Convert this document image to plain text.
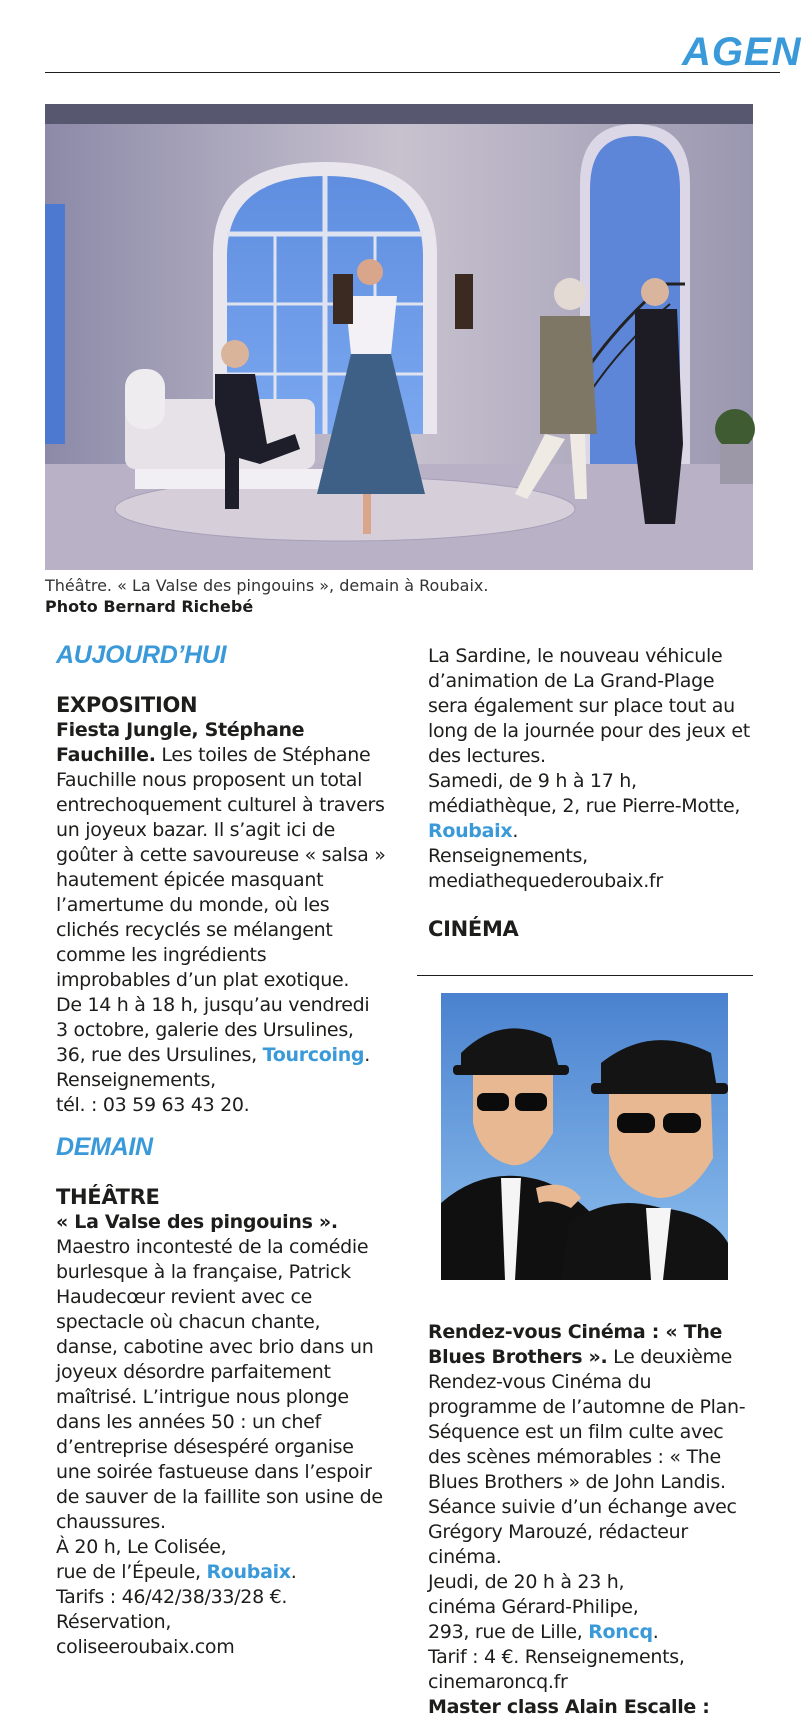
AGEN
Théâtre. « La Valse des pingouins », demain à Roubaix.
Photo Bernard Richebé
AUJOURD’HUI
EXPOSITION

Fiesta Jungle, Stéphane Fauchille. Les toiles de Stéphane Fauchille nous proposent un total entrechoquement culturel à travers un joyeux bazar. Il s’agit ici de goûter à cette savoureuse « salsa » hautement épicée masquant l’amertume du monde, où les clichés recyclés se mélangent comme les ingrédients improbables d’un plat exotique.

De 14 h à 18 h, jusqu’au vendredi 3 octobre, galerie des Ursulines, 36, rue des Ursulines, Tourcoing.

Renseignements,

tél. : 03 59 63 43 20.

DEMAIN
THÉÂTRE

« La Valse des pingouins ».

Maestro incontesté de la comédie burlesque à la française, Patrick Haudecœur revient avec ce spectacle où chacun chante, danse, cabotine avec brio dans un joyeux désordre parfaitement maîtrisé. L’intrigue nous plonge dans les années 50 : un chef d’entreprise désespéré organise une soirée fastueuse dans l’espoir de sauver de la faillite son usine de chaussures.

À 20 h, Le Colisée,

rue de l’Épeule, Roubaix.

Tarifs : 46/42/38/33/28 €.

Réservation,

coliseeroubaix.com

La Sardine, le nouveau véhicule d’animation de La Grand-Plage sera également sur place tout au long de la journée pour des jeux et des lectures.

Samedi, de 9 h à 17 h, médiathèque, 2, rue Pierre-Motte, Roubaix.

Renseignements,

mediathequederoubaix.fr

CINÉMA

Rendez-vous Cinéma : « The Blues Brothers ». Le deuxième Rendez-vous Cinéma du programme de l’automne de Plan-Séquence est un film culte avec des scènes mémorables : « The Blues Brothers » de John Landis. Séance suivie d’un échange avec Grégory Marouzé, rédacteur cinéma.

Jeudi, de 20 h à 23 h,

cinéma Gérard-Philipe,

293, rue de Lille, Roncq.

Tarif : 4 €. Renseignements,

cinemaroncq.fr

Master class Alain Escalle :
